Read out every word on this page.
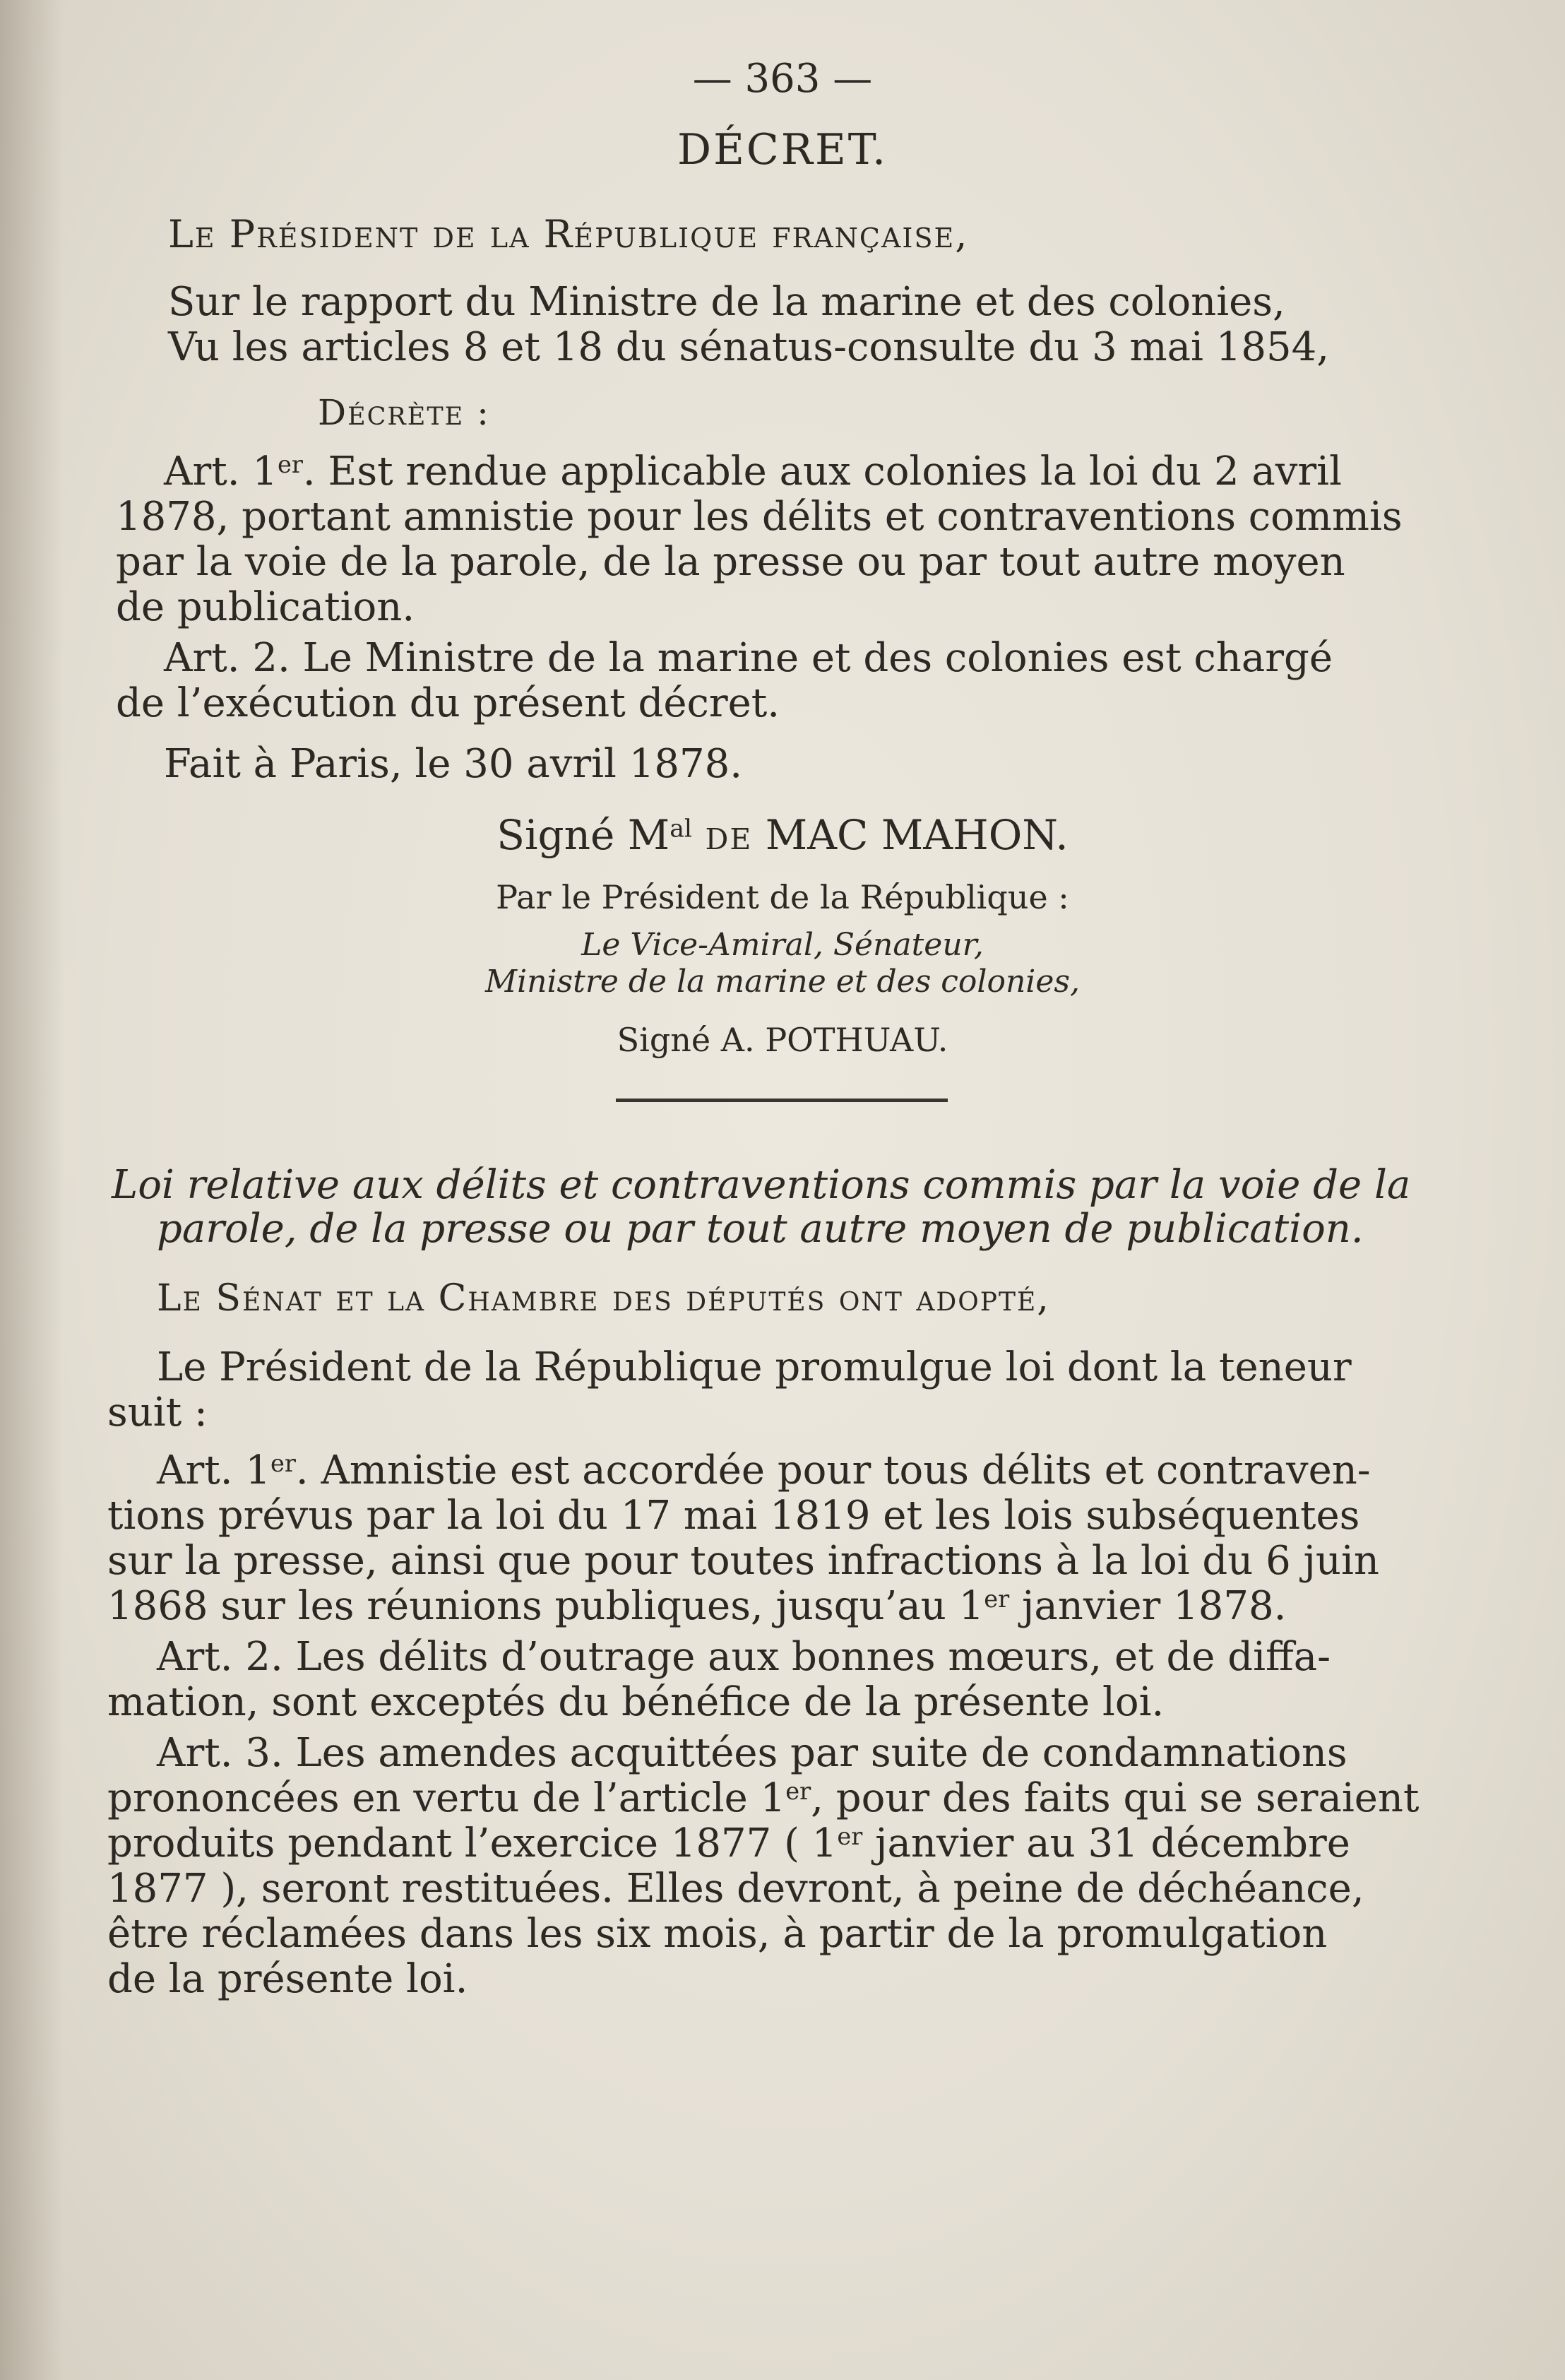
— 363 —
DÉCRET.
Le Président de la République française,
Sur le rapport du Ministre de la marine et des colonies,
Vu les articles 8 et 18 du sénatus-consulte du 3 mai 1854,
Décrète :
Art. 1er. Est rendue applicable aux colonies la loi du 2 avril
1878, portant amnistie pour les délits et contraventions commis
par la voie de la parole, de la presse ou par tout autre moyen
de publication.
Art. 2. Le Ministre de la marine et des colonies est chargé
de l’exécution du présent décret.
Fait à Paris, le 30 avril 1878.
Signé $M^{al}$ de MAC MAHON.
Par le Président de la République :
Le Vice-Amiral, Sénateur,
Ministre de la marine et des colonies,
Signé A. POTHUAU.
Loi relative aux délits et contraventions commis par la voie de la
parole, de la presse ou par tout autre moyen de publication.
Le Sénat et la Chambre des députés ont adopté,
Le Président de la République promulgue loi dont la teneur
suit :
Art. 1er. Amnistie est accordée pour tous délits et contraven-
tions prévus par la loi du 17 mai 1819 et les lois subséquentes
sur la presse, ainsi que pour toutes infractions à la loi du 6 juin
1868 sur les réunions publiques, jusqu’au 1er janvier 1878.
Art. 2. Les délits d’outrage aux bonnes mœurs, et de diffa-
mation, sont exceptés du bénéfice de la présente loi.
Art. 3. Les amendes acquittées par suite de condamnations
prononcées en vertu de l’article 1er, pour des faits qui se seraient
produits pendant l’exercice 1877 ( 1er janvier au 31 décembre
1877 ), seront restituées. Elles devront, à peine de déchéance,
être réclamées dans les six mois, à partir de la promulgation
de la présente loi.
